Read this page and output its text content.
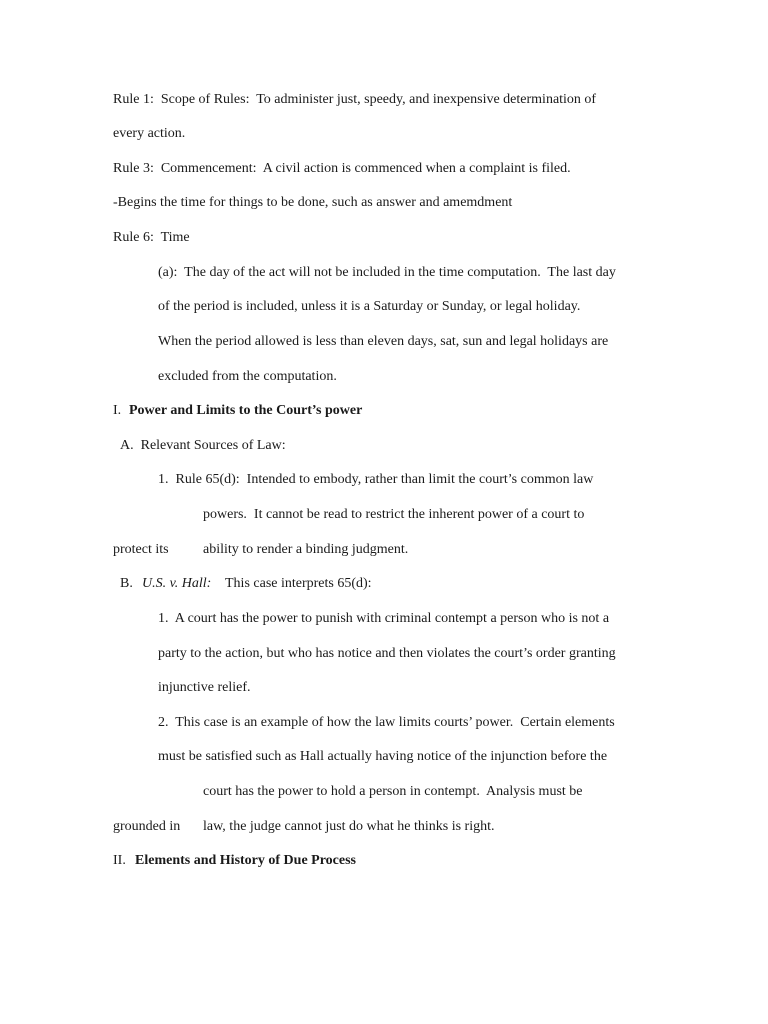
Rule 1:  Scope of Rules:  To administer just, speedy, and inexpensive determination of

every action.

Rule 3:  Commencement:  A civil action is commenced when a complaint is filed.

-Begins the time for things to be done, such as answer and amemdment

Rule 6:  Time

(a):  The day of the act will not be included in the time computation.  The last day

of the period is included, unless it is a Saturday or Sunday, or legal holiday.

When the period allowed is less than eleven days, sat, sun and legal holidays are

excluded from the computation.

I.

Power and Limits to the Court’s power

A.  Relevant Sources of Law:

1.  Rule 65(d):  Intended to embody, rather than limit the court’s common law

powers.  It cannot be read to restrict the inherent power of a court to

protect its

ability to render a binding judgment.

B.

U.S. v. Hall:

This case interprets 65(d):

1.  A court has the power to punish with criminal contempt a person who is not a

party to the action, but who has notice and then violates the court’s order granting

injunctive relief.

2.  This case is an example of how the law limits courts’ power.  Certain elements

must be satisfied such as Hall actually having notice of the injunction before the

court has the power to hold a person in contempt.  Analysis must be

grounded in

law, the judge cannot just do what he thinks is right.

II.

Elements and History of Due Process
